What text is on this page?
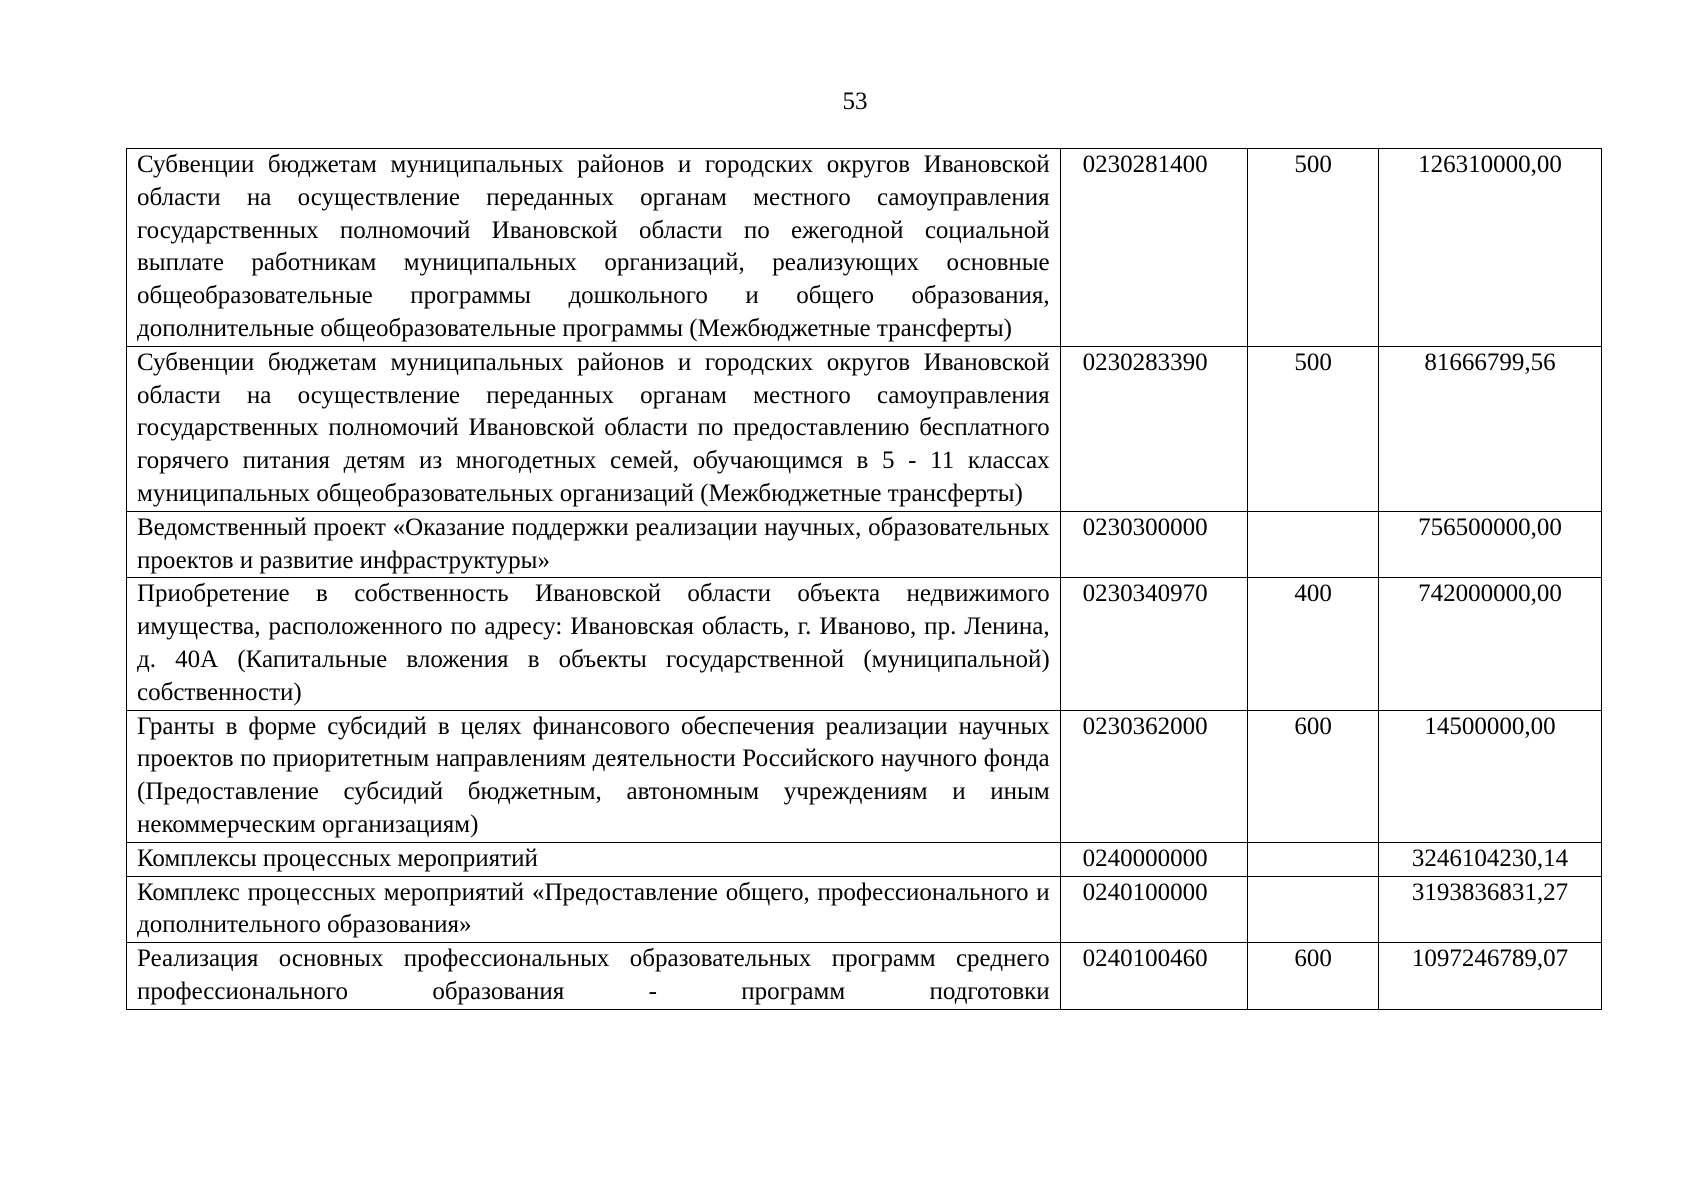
53
Субвенции бюджетам муниципальных районов и городских округов Ивановской области на осуществление переданных органам местного самоуправления государственных полномочий Ивановской области по ежегодной социальной выплате работникам муниципальных организаций, реализующих основные общеобразовательные программы дошкольного и общего образования, дополнительные общеобразовательные программы (Межбюджетные трансферты)	0230281400	500	126310000,00
Субвенции бюджетам муниципальных районов и городских округов Ивановской области на осуществление переданных органам местного самоуправления государственных полномочий Ивановской области по предоставлению бесплатного горячего питания детям из многодетных семей, обучающимся в 5 - 11 классах муниципальных общеобразовательных организаций (Межбюджетные трансферты)	0230283390	500	81666799,56
Ведомственный проект «Оказание поддержки реализации научных, образовательных проектов и развитие инфраструктуры»	0230300000		756500000,00
Приобретение в собственность Ивановской области объекта недвижимого имущества, расположенного по адресу: Ивановская область, г. Иваново, пр. Ленина, д. 40А (Капитальные вложения в объекты государственной (муниципальной) собственности)	0230340970	400	742000000,00
Гранты в форме субсидий в целях финансового обеспечения реализации научных проектов по приоритетным направлениям деятельности Российского научного фонда (Предоставление субсидий бюджетным, автономным учреждениям и иным некоммерческим организациям)	0230362000	600	14500000,00
Комплексы процессных мероприятий	0240000000		3246104230,14
Комплекс процессных мероприятий «Предоставление общего, профессионального и дополнительного образования»	0240100000		3193836831,27
Реализация основных профессиональных образовательных программ среднего профессионального образования - программ подготовки	0240100460	600	1097246789,07
